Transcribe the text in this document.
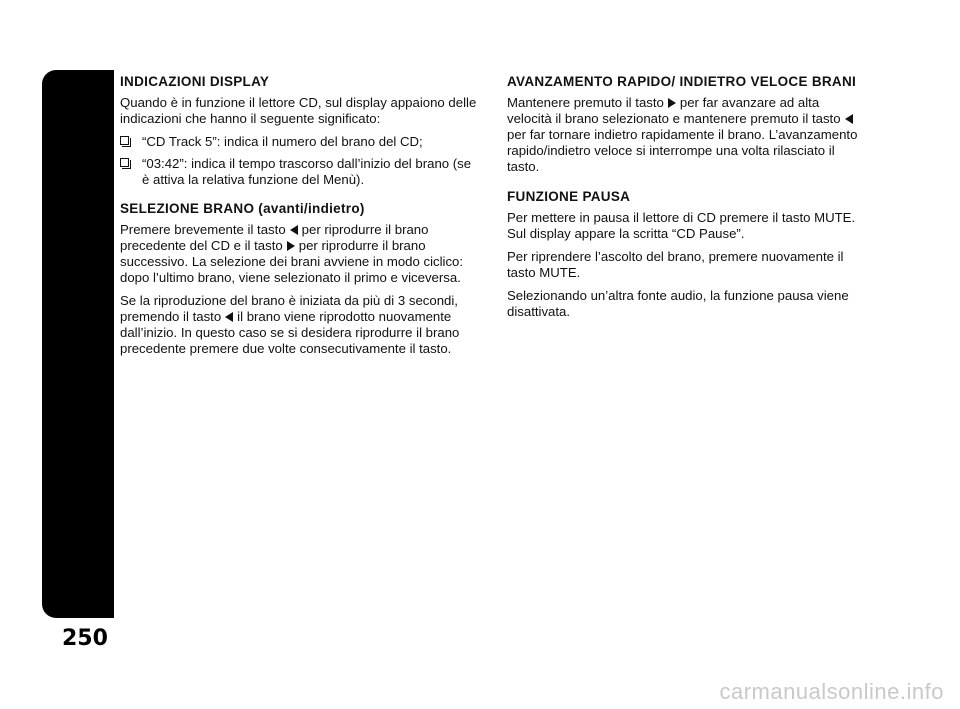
AUTORADIO
250
INDICAZIONI DISPLAY

Quando è in funzione il lettore CD, sul display appaiono delle indicazioni che hanno il seguente significato:

“CD Track 5”: indica il numero del brano del CD;
“03:42”: indica il tempo trascorso dall’inizio del brano (se è attiva la relativa funzione del Menù).
SELEZIONE BRANO (avanti/indietro)

Premere brevemente il tasto per riprodurre il brano precedente del CD e il tasto per riprodurre il brano successivo. La selezione dei brani avviene in modo ciclico: dopo l’ultimo brano, viene selezionato il primo e viceversa.

Se la riproduzione del brano è iniziata da più di 3 secondi, premendo il tasto il brano viene riprodotto nuovamente dall’inizio. In questo caso se si desidera riprodurre il brano precedente premere due volte consecutivamente il tasto.

AVANZAMENTO RAPIDO/ INDIETRO VELOCE BRANI

Mantenere premuto il tasto per far avanzare ad alta velocità il brano selezionato e mantenere premuto il tastoper far tornare indietro rapidamente il brano. L’avanzamento rapido/indietro veloce si interrompe una volta rilasciato il tasto.

FUNZIONE PAUSA

Per mettere in pausa il lettore di CD premere il tasto MUTE. Sul display appare la scritta “CD Pause”.

Per riprendere l’ascolto del brano, premere nuovamente il tasto MUTE.

Selezionando un’altra fonte audio, la funzione pausa viene disattivata.

carmanualsonline.info
